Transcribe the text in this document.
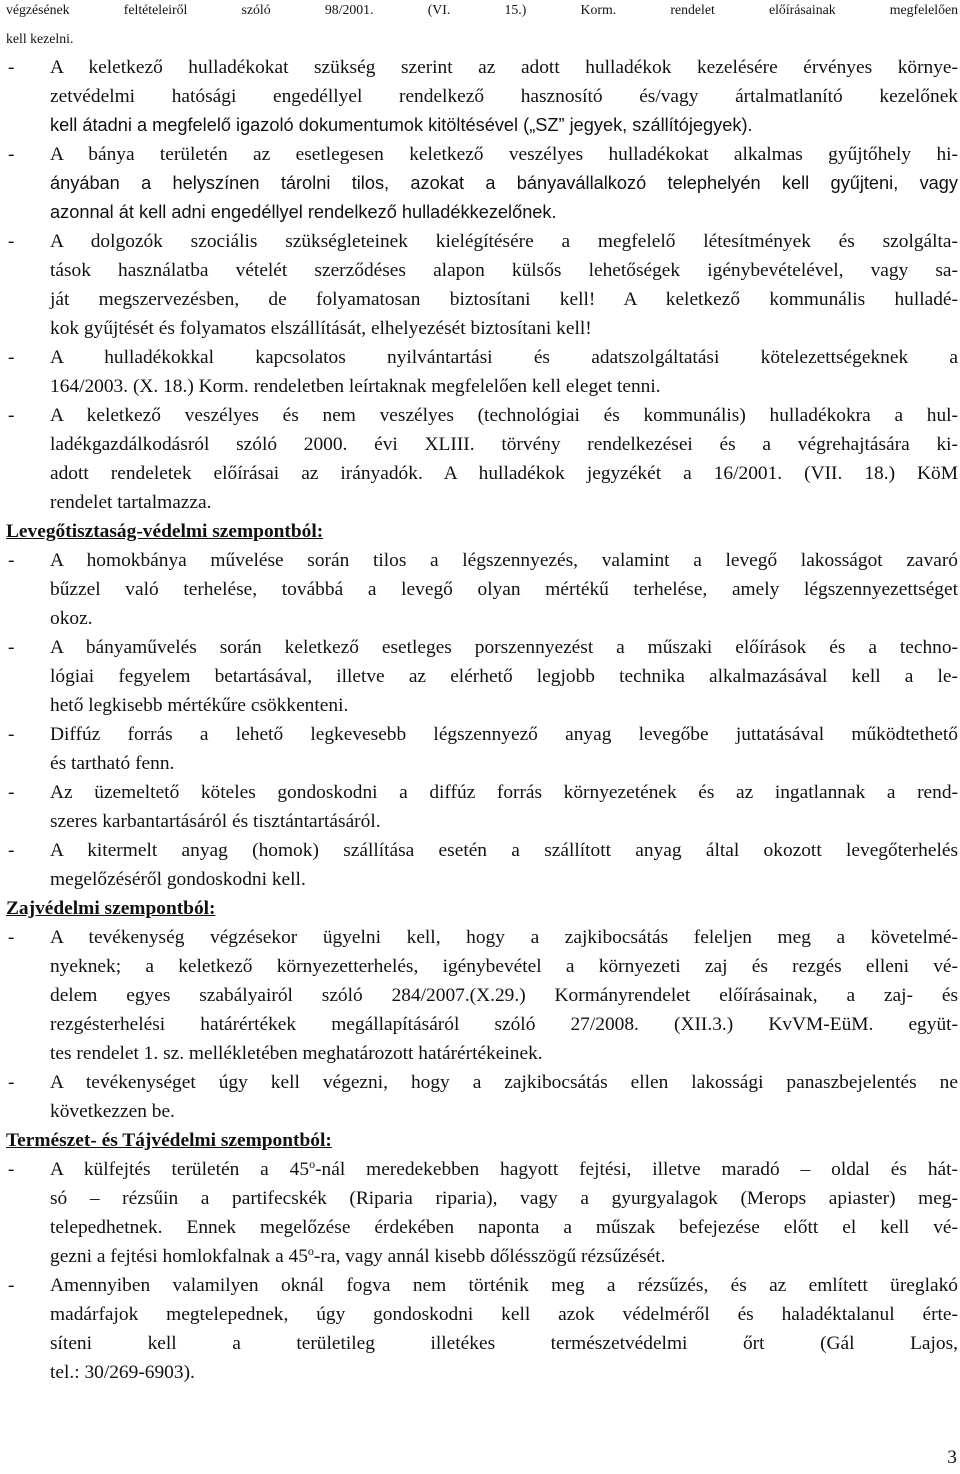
végzésének feltételeiről szóló 98/2001. (VI. 15.) Korm. rendelet előírásainak megfelelően
kell kezelni.
- A keletkező hulladékokat szükség szerint az adott hulladékok kezelésére érvényes környe-
zetvédelmi hatósági engedéllyel rendelkező hasznosító és/vagy ártalmatlanító kezelőnek
kell átadni a megfelelő igazoló dokumentumok kitöltésével („SZ” jegyek, szállítójegyek).
- A bánya területén az esetlegesen keletkező veszélyes hulladékokat alkalmas gyűjtőhely hi-
ányában a helyszínen tárolni tilos, azokat a bányavállalkozó telephelyén kell gyűjteni, vagy
azonnal át kell adni engedéllyel rendelkező hulladékkezelőnek.
- A dolgozók szociális szükségleteinek kielégítésére a megfelelő létesítmények és szolgálta-
tások használatba vételét szerződéses alapon külsős lehetőségek igénybevételével, vagy sa-
ját megszervezésben, de folyamatosan biztosítani kell! A keletkező kommunális hulladé-
kok gyűjtését és folyamatos elszállítását, elhelyezését biztosítani kell!
- A hulladékokkal kapcsolatos nyilvántartási és adatszolgáltatási kötelezettségeknek a
164/2003. (X. 18.) Korm. rendeletben leírtaknak megfelelően kell eleget tenni.
- A keletkező veszélyes és nem veszélyes (technológiai és kommunális) hulladékokra a hul-
ladékgazdálkodásról szóló 2000. évi XLIII. törvény rendelkezései és a végrehajtására ki-
adott rendeletek előírásai az irányadók. A hulladékok jegyzékét a 16/2001. (VII. 18.) KöM
rendelet tartalmazza.
Levegőtisztaság-védelmi szempontból:
- A homokbánya művelése során tilos a légszennyezés, valamint a levegő lakosságot zavaró
bűzzel való terhelése, továbbá a levegő olyan mértékű terhelése, amely légszennyezettséget
okoz.
- A bányaművelés során keletkező esetleges porszennyezést a műszaki előírások és a techno-
lógiai fegyelem betartásával, illetve az elérhető legjobb technika alkalmazásával kell a le-
hető legkisebb mértékűre csökkenteni.
- Diffúz forrás a lehető legkevesebb légszennyező anyag levegőbe juttatásával működtethető
és tartható fenn.
- Az üzemeltető köteles gondoskodni a diffúz forrás környezetének és az ingatlannak a rend-
szeres karbantartásáról és tisztántartásáról.
- A kitermelt anyag (homok) szállítása esetén a szállított anyag által okozott levegőterhelés
megelőzéséről gondoskodni kell.
Zajvédelmi szempontból:
- A tevékenység végzésekor ügyelni kell, hogy a zajkibocsátás feleljen meg a követelmé-
nyeknek; a keletkező környezetterhelés, igénybevétel a környezeti zaj és rezgés elleni vé-
delem egyes szabályairól szóló 284/2007.(X.29.) Kormányrendelet előírásainak, a zaj- és
rezgésterhelési határértékek megállapításáról szóló 27/2008. (XII.3.) KvVM-EüM. együt-
tes rendelet 1. sz. mellékletében meghatározott határértékeinek.
- A tevékenységet úgy kell végezni, hogy a zajkibocsátás ellen lakossági panaszbejelentés ne
következzen be.
Természet- és Tájvédelmi szempontból:
- A külfejtés területén a 45$^o$-nál meredekebben hagyott fejtési, illetve maradó – oldal és hát-
só – rézsűin a partifecskék (Riparia riparia), vagy a gyurgyalagok (Merops apiaster) meg-
telepedhetnek. Ennek megelőzése érdekében naponta a műszak befejezése előtt el kell vé-
gezni a fejtési homlokfalnak a 45$^o$-ra, vagy annál kisebb dőlésszögű rézsűzését.
- Amennyiben valamilyen oknál fogva nem történik meg a rézsűzés, és az említett üreglakó
madárfajok megtelepednek, úgy gondoskodni kell azok védelméről és haladéktalanul érte-
síteni kell a területileg illetékes természetvédelmi őrt (Gál Lajos,
tel.: 30/269-6903).
3
